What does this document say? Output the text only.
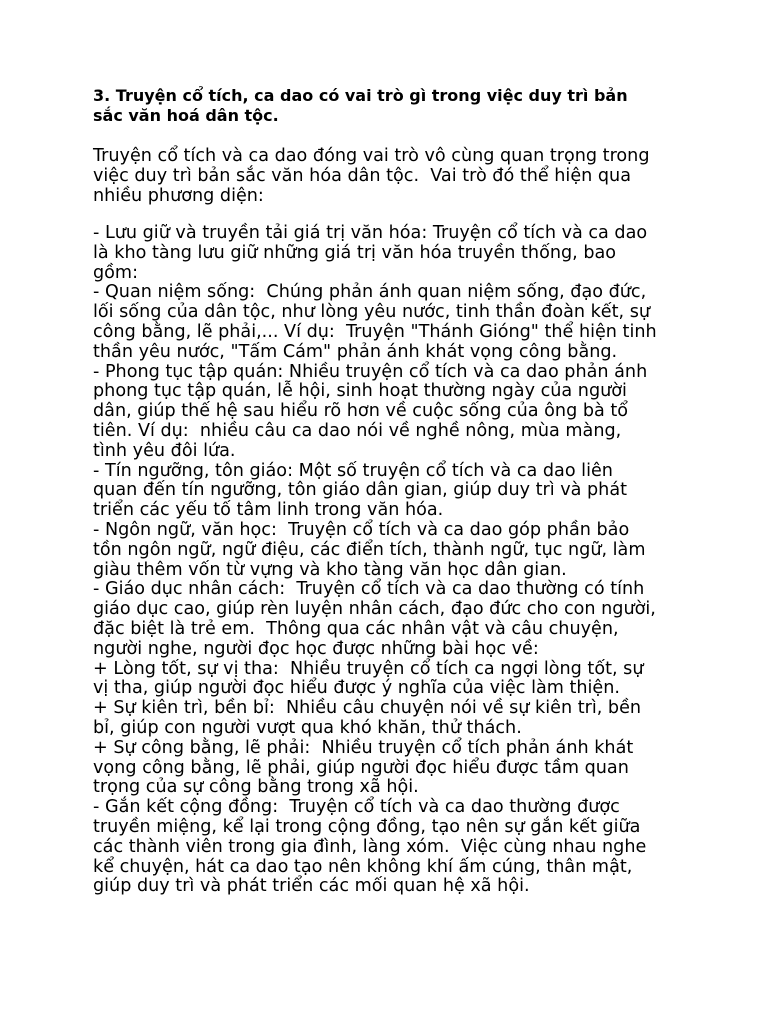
3. Truyện cổ tích, ca dao có vai trò gì trong việc duy trì bản
sắc văn hoá dân tộc.
Truyện cổ tích và ca dao đóng vai trò vô cùng quan trọng trong
việc duy trì bản sắc văn hóa dân tộc.  Vai trò đó thể hiện qua
nhiều phương diện:
- Lưu giữ và truyền tải giá trị văn hóa: Truyện cổ tích và ca dao
là kho tàng lưu giữ những giá trị văn hóa truyền thống, bao
gồm:
- Quan niệm sống:  Chúng phản ánh quan niệm sống, đạo đức,
lối sống của dân tộc, như lòng yêu nước, tinh thần đoàn kết, sự
công bằng, lẽ phải,... Ví dụ:  Truyện "Thánh Gióng" thể hiện tinh
thần yêu nước, "Tấm Cám" phản ánh khát vọng công bằng.
- Phong tục tập quán: Nhiều truyện cổ tích và ca dao phản ánh
phong tục tập quán, lễ hội, sinh hoạt thường ngày của người
dân, giúp thế hệ sau hiểu rõ hơn về cuộc sống của ông bà tổ
tiên. Ví dụ:  nhiều câu ca dao nói về nghề nông, mùa màng,
tình yêu đôi lứa.
- Tín ngưỡng, tôn giáo: Một số truyện cổ tích và ca dao liên
quan đến tín ngưỡng, tôn giáo dân gian, giúp duy trì và phát
triển các yếu tố tâm linh trong văn hóa.
- Ngôn ngữ, văn học:  Truyện cổ tích và ca dao góp phần bảo
tồn ngôn ngữ, ngữ điệu, các điển tích, thành ngữ, tục ngữ, làm
giàu thêm vốn từ vựng và kho tàng văn học dân gian.
- Giáo dục nhân cách:  Truyện cổ tích và ca dao thường có tính
giáo dục cao, giúp rèn luyện nhân cách, đạo đức cho con người,
đặc biệt là trẻ em.  Thông qua các nhân vật và câu chuyện,
người nghe, người đọc học được những bài học về:
+ Lòng tốt, sự vị tha:  Nhiều truyện cổ tích ca ngợi lòng tốt, sự
vị tha, giúp người đọc hiểu được ý nghĩa của việc làm thiện.
+ Sự kiên trì, bền bỉ:  Nhiều câu chuyện nói về sự kiên trì, bền
bỉ, giúp con người vượt qua khó khăn, thử thách.
+ Sự công bằng, lẽ phải:  Nhiều truyện cổ tích phản ánh khát
vọng công bằng, lẽ phải, giúp người đọc hiểu được tầm quan
trọng của sự công bằng trong xã hội.
- Gắn kết cộng đồng:  Truyện cổ tích và ca dao thường được
truyền miệng, kể lại trong cộng đồng, tạo nên sự gắn kết giữa
các thành viên trong gia đình, làng xóm.  Việc cùng nhau nghe
kể chuyện, hát ca dao tạo nên không khí ấm cúng, thân mật,
giúp duy trì và phát triển các mối quan hệ xã hội.
